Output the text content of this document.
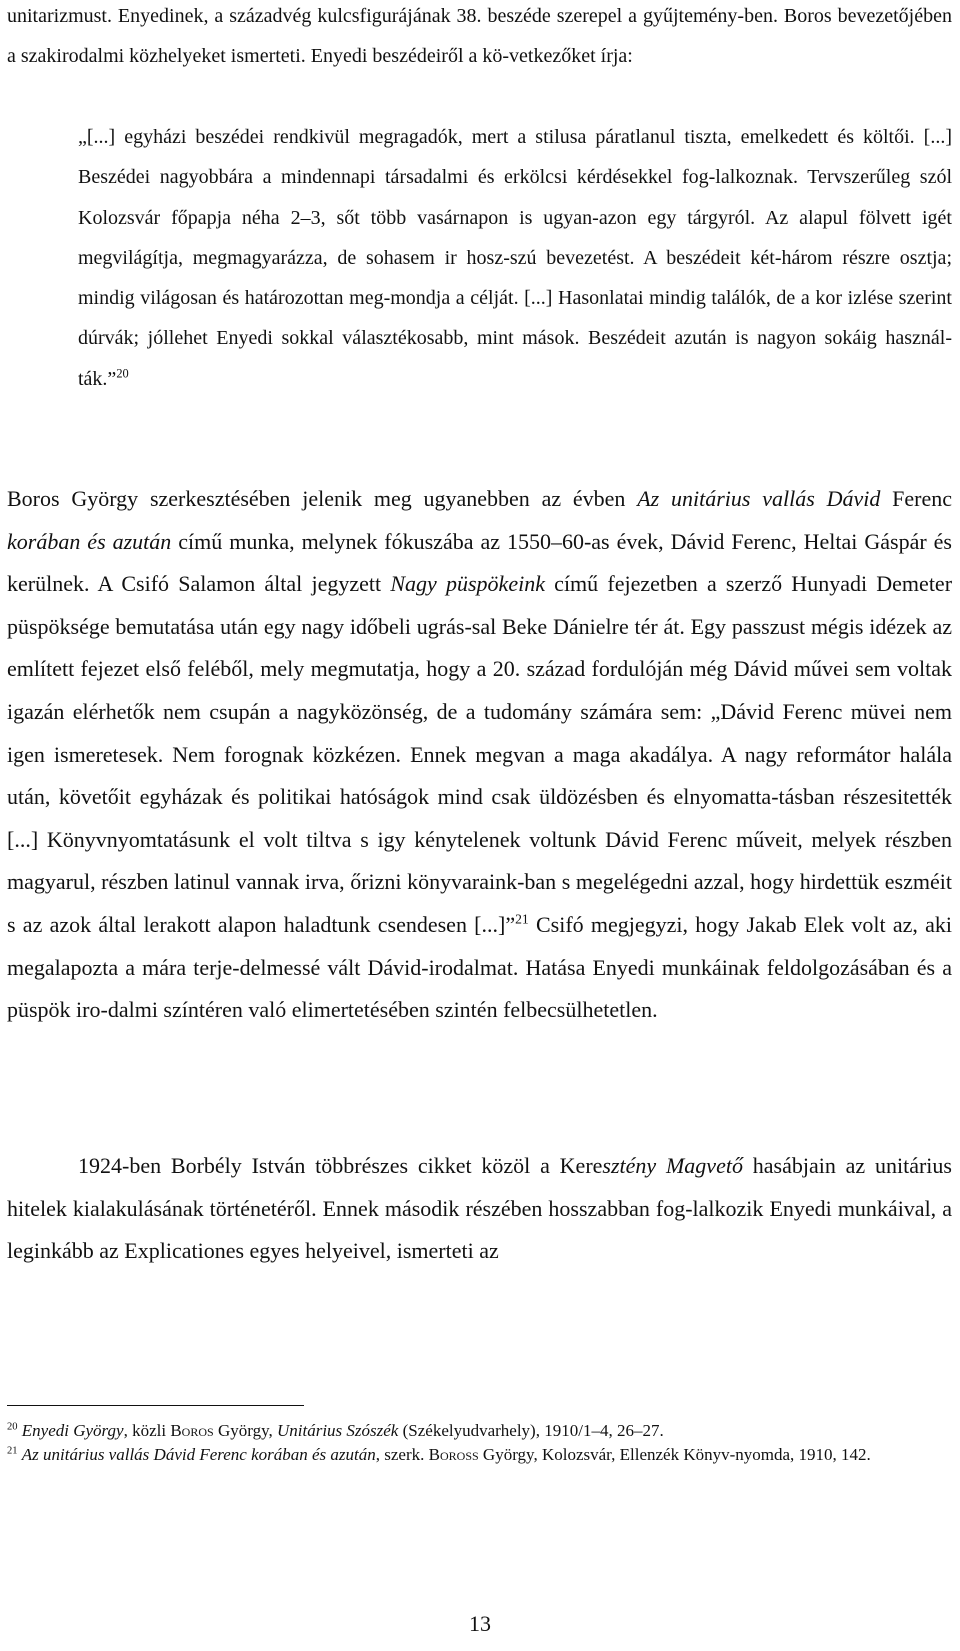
unitarizmust. Enyedinek, a századvég kulcsfigurájának 38. beszéde szerepel a gyűjtemény-ben. Boros bevezetőjében a szakirodalmi közhelyeket ismerteti. Enyedi beszédeiről a kö-vetkezőket írja:

„[...] egyházi beszédei rendkivül megragadók, mert a stilusa páratlanul tiszta, emelkedett és költői. [...] Beszédei nagyobbára a mindennapi társadalmi és erkölcsi kérdésekkel fog-lalkoznak. Tervszerűleg szól Kolozsvár főpapja néha 2–3, sőt több vasárnapon is ugyan-azon egy tárgyról. Az alapul fölvett igét megvilágítja, megmagyarázza, de sohasem ir hosz-szú bevezetést. A beszédeit két-három részre osztja; mindig világosan és határozottan meg-mondja a célját. [...] Hasonlatai mindig találók, de a kor izlése szerint dúrvák; jóllehet Enyedi sokkal választékosabb, mint mások. Beszédeit azután is nagyon sokáig használ-ták.”$^{20}$

Boros György szerkesztésében jelenik meg ugyanebben az évben Az unitárius vallás Dávid Ferenc korában és azután című munka, melynek fókuszába az 1550–60-as évek, Dávid Ferenc, Heltai Gáspár és kerülnek. A Csifó Salamon által jegyzett Nagy püspökeink című fejezetben a szerző Hunyadi Demeter püspöksége bemutatása után egy nagy időbeli ugrás-sal Beke Dánielre tér át. Egy passzust mégis idézek az említett fejezet első feléből, mely megmutatja, hogy a 20. század fordulóján még Dávid művei sem voltak igazán elérhetők nem csupán a nagyközönség, de a tudomány számára sem: „Dávid Ferenc müvei nem igen ismeretesek. Nem forognak közkézen. Ennek megvan a maga akadálya. A nagy reformátor halála után, követőit egyházak és politikai hatóságok mind csak üldözésben és elnyomatta-tásban részesitették [...] Könyvnyomtatásunk el volt tiltva s igy kénytelenek voltunk Dávid Ferenc műveit, melyek részben magyarul, részben latinul vannak irva, őrizni könyvaraink-ban s megelégedni azzal, hogy hirdettük eszméit s az azok által lerakott alapon haladtunk csendesen [...]”$^{21}$ Csifó megjegyzi, hogy Jakab Elek volt az, aki megalapozta a mára terje-delmessé vált Dávid-irodalmat. Hatása Enyedi munkáinak feldolgozásában és a püspök iro-dalmi színtéren való elimertetésében szintén felbecsülhetetlen.

1924-ben Borbély István többrészes cikket közöl a Keresztény Magvető hasábjain az unitárius hitelek kialakulásának történetéről. Ennek második részében hosszabban fog-lalkozik Enyedi munkáival, a leginkább az Explicationes egyes helyeivel, ismerteti az

$^{20}$ Enyedi György, közli Boros György, Unitárius Szószék (Székelyudvarhely), 1910/1–4, 26–27.

$^{21}$ Az unitárius vallás Dávid Ferenc korában és azután, szerk. Boross György, Kolozsvár, Ellenzék Könyv-nyomda, 1910, 142.

13
